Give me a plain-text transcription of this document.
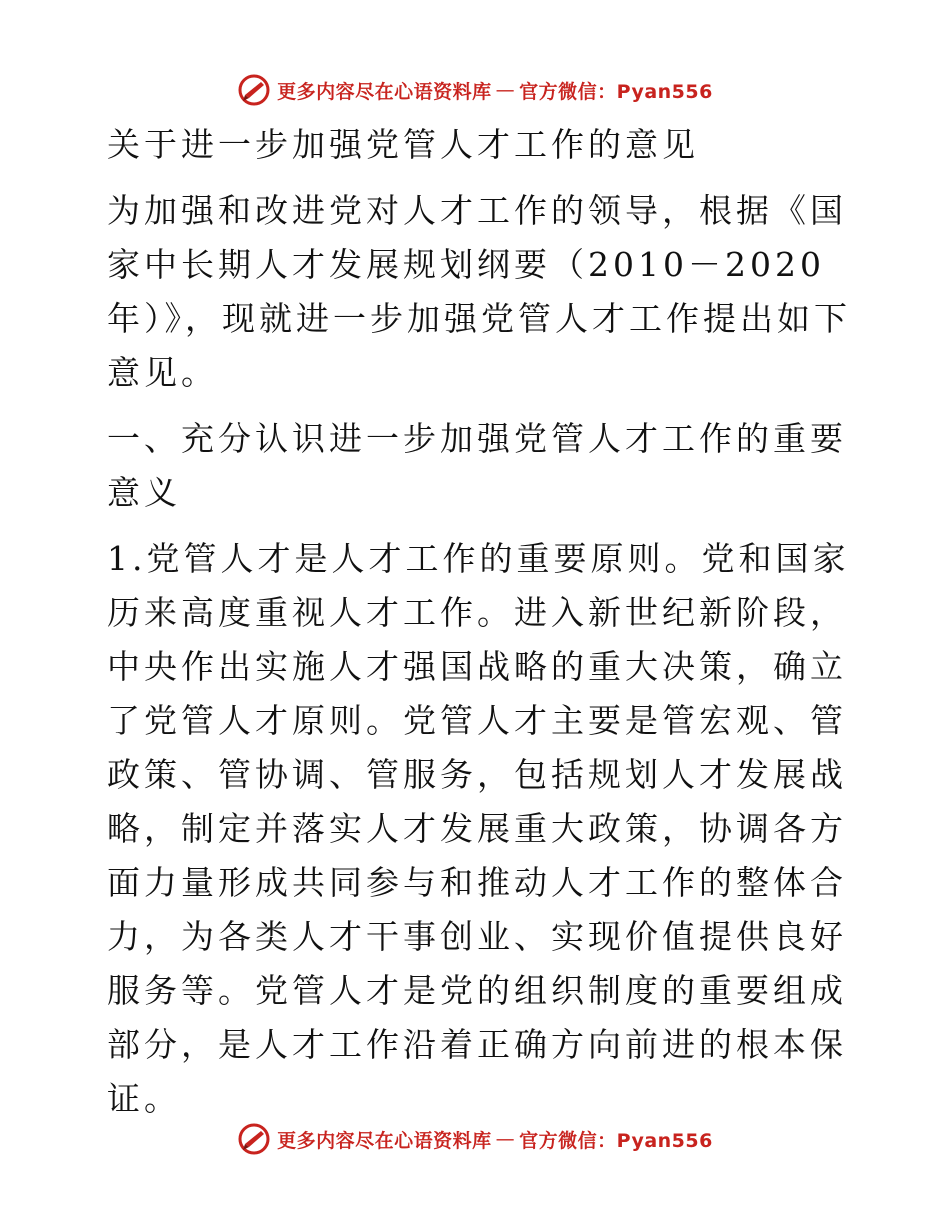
更多内容尽在心语资料库 — 官方微信：Pyan556

关于进一步加强党管人才工作的意见

为加强和改进党对人才工作的领导，根据《国家中长期人才发展规划纲要（2010－2020年）》，现就进一步加强党管人才工作提出如下意见。

一、充分认识进一步加强党管人才工作的重要意义

1.党管人才是人才工作的重要原则。党和国家历来高度重视人才工作。进入新世纪新阶段，中央作出实施人才强国战略的重大决策，确立了党管人才原则。党管人才主要是管宏观、管政策、管协调、管服务，包括规划人才发展战略，制定并落实人才发展重大政策，协调各方面力量形成共同参与和推动人才工作的整体合力，为各类人才干事创业、实现价值提供良好服务等。党管人才是党的组织制度的重要组成部分，是人才工作沿着正确方向前进的根本保证。

更多内容尽在心语资料库 — 官方微信：Pyan556
